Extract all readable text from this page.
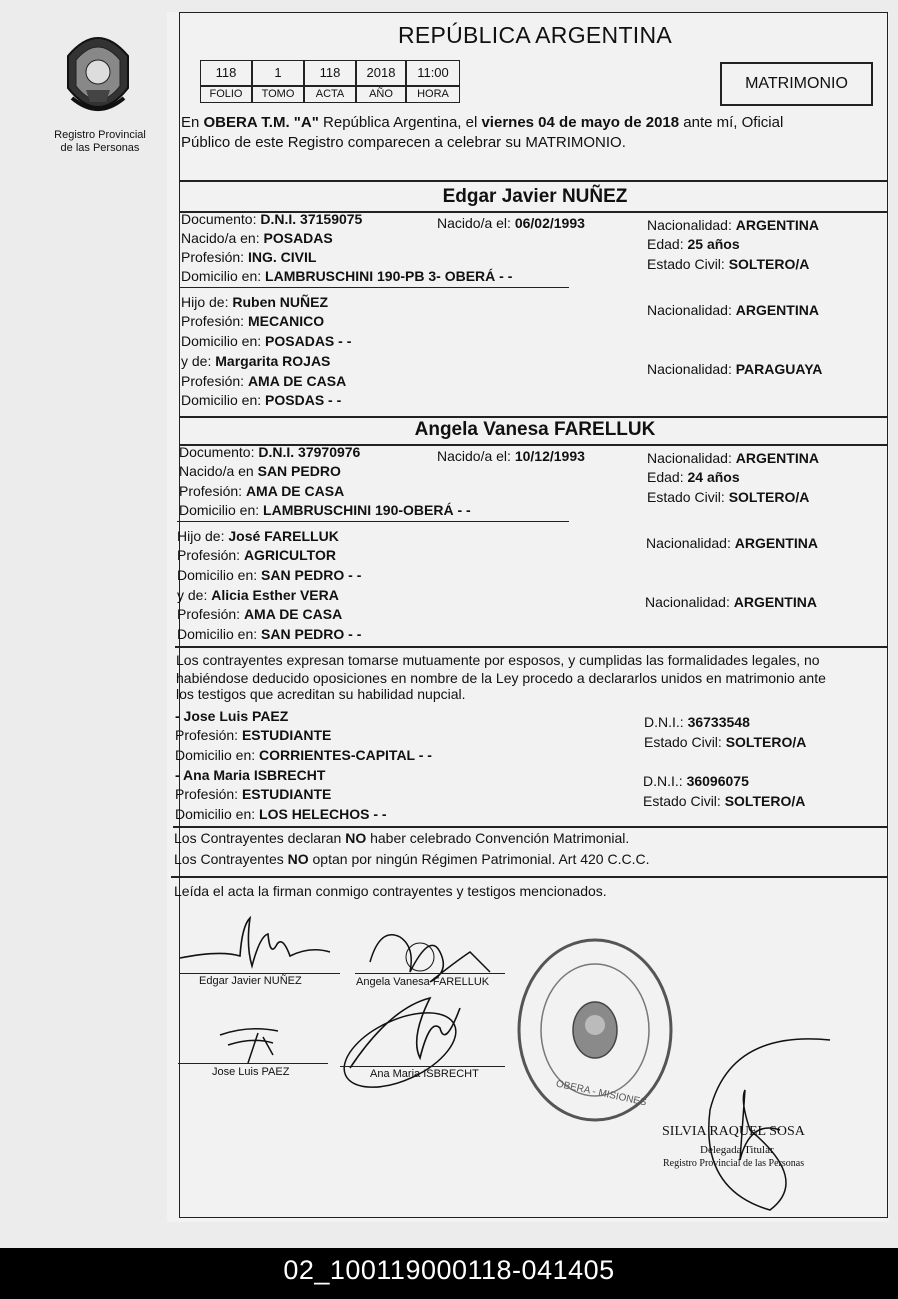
Registro Provincial
de las Personas
REPÚBLICA ARGENTINA
118	1	118	2018	11:00
FOLIO	TOMO	ACTA	AÑO	HORA
MATRIMONIO
En OBERA T.M. "A" República Argentina, el viernes 04 de mayo de 2018 ante mí, Oficial
Público de este Registro comparecen a celebrar su MATRIMONIO.
Edgar Javier NUÑEZ
Documento: D.N.I. 37159075	Nacido/a el: 06/02/1993	Nacionalidad: ARGENTINA
Nacido/a en: POSADAS	Edad: 25 años
Profesión: ING. CIVIL	Estado Civil: SOLTERO/A
Domicilio en: LAMBRUSCHINI 190-PB 3- OBERÁ - -
Hijo de: Ruben NUÑEZ	Nacionalidad: ARGENTINA
Profesión: MECANICO
Domicilio en: POSADAS - -
y de: Margarita ROJAS	Nacionalidad: PARAGUAYA
Profesión: AMA DE CASA
Domicilio en: POSDAS - -
Angela Vanesa FARELLUK
Documento: D.N.I. 37970976	Nacido/a el: 10/12/1993	Nacionalidad: ARGENTINA
Nacido/a en SAN PEDRO	Edad: 24 años
Profesión: AMA DE CASA	Estado Civil: SOLTERO/A
Domicilio en: LAMBRUSCHINI 190-OBERÁ - -
Hijo de: José FARELLUK	Nacionalidad: ARGENTINA
Profesión: AGRICULTOR
Domicilio en: SAN PEDRO - -
y de: Alicia Esther VERA	Nacionalidad: ARGENTINA
Profesión: AMA DE CASA
Domicilio en: SAN PEDRO - -
Los contrayentes expresan tomarse mutuamente por esposos, y cumplidas las formalidades legales, no
habiéndose deducido oposiciones en nombre de la Ley procedo a declararlos unidos en matrimonio ante
los testigos que acreditan su habilidad nupcial.
- Jose Luis PAEZ	D.N.I.: 36733548
Profesión: ESTUDIANTE	Estado Civil: SOLTERO/A
Domicilio en: CORRIENTES-CAPITAL - -
- Ana Maria ISBRECHT	D.N.I.: 36096075
Profesión: ESTUDIANTE	Estado Civil: SOLTERO/A
Domicilio en: LOS HELECHOS - -
Los Contrayentes declaran NO haber celebrado Convención Matrimonial.
Los Contrayentes NO optan por ningún Régimen Patrimonial. Art 420 C.C.C.
Leída el acta la firman conmigo contrayentes y testigos mencionados.
Edgar Javier NUÑEZ	Angela Vanesa FARELLUK
Jose Luis PAEZ	Ana Maria ISBRECHT
OBERA - MISIONES
SILVIA RAQUEL SOSA
Delegada Titular
Registro Provincial de las Personas
02_100119000118-041405
